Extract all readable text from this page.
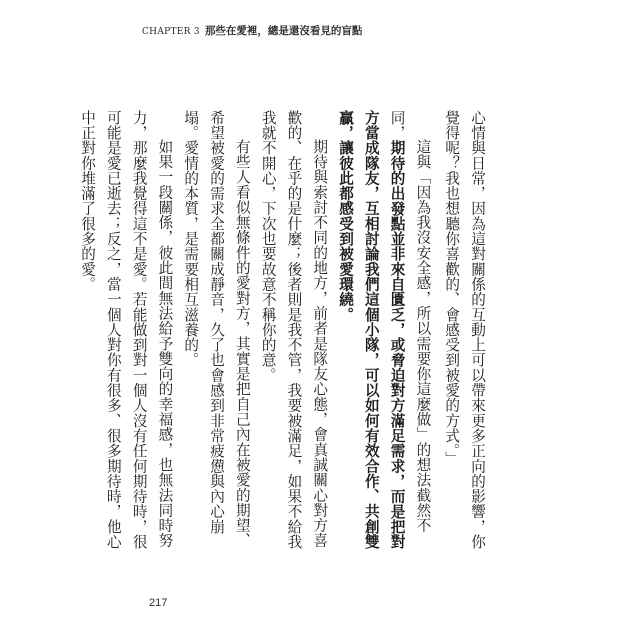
CHAPTER 3 那些在愛裡，總是還沒看見的盲點

心情與日常，因為這對關係的互動上可以帶來更多正向的影響，你覺得呢？我也想聽你喜歡的、會感受到被愛的方式。」

這與「因為我沒安全感，所以需要你這麼做」的想法截然不同，期待的出發點並非來自匱乏，或脅迫對方滿足需求，而是把對方當成隊友，互相討論我們這個小隊，可以如何有效合作、共創雙贏，讓彼此都感受到被愛環繞。

期待與索討不同的地方，前者是隊友心態，會真誠關心對方喜歡的、在乎的是什麼；後者則是我不管，我要被滿足，如果不給我我就不開心，下次也要故意不稱你的意。

有些人看似無條件的愛對方，其實是把自己內在被愛的期望、希望被愛的需求全都關成靜音，久了也會感到非常疲憊與內心崩塌。愛情的本質，是需要相互滋養的。

如果一段關係，彼此間無法給予雙向的幸福感，也無法同時努力，那麼我覺得這不是愛。若能做到對一個人沒有任何期待時，很可能是愛已逝去；反之，當一個人對你有很多、很多期待時，他心中正對你堆滿了很多的愛。

217
